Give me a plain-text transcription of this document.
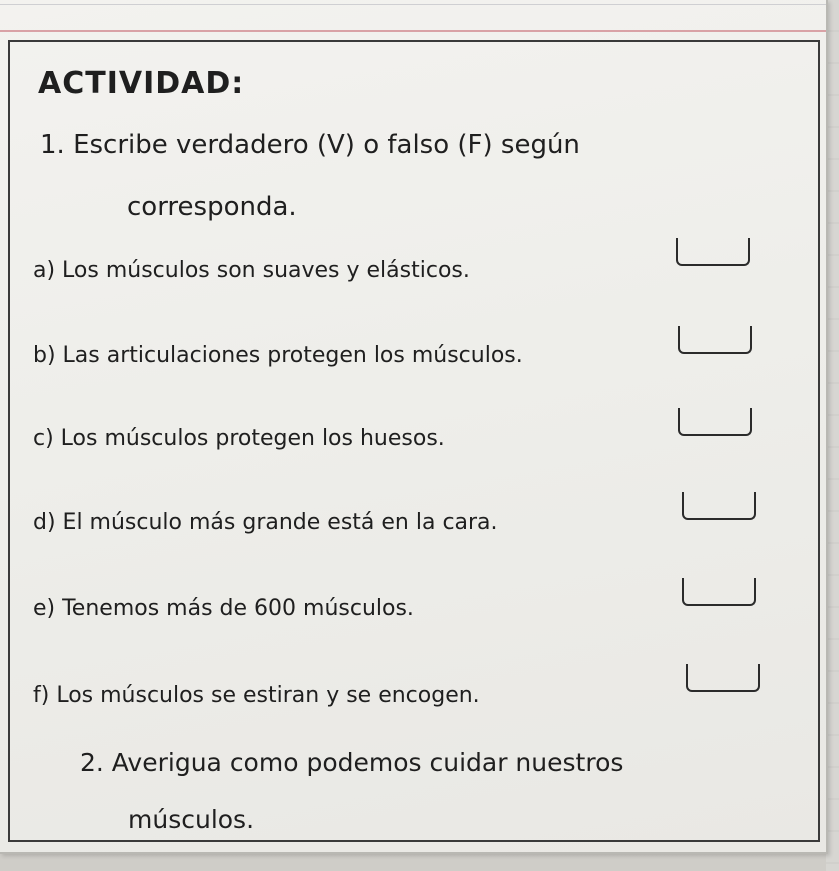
ACTIVIDAD:
1. Escribe verdadero (V) o falso (F) según
corresponda.
a) Los músculos son suaves y elásticos.
b) Las articulaciones protegen los músculos.
c) Los músculos protegen los huesos.
d) El músculo más grande está en la cara.
e) Tenemos más de 600 músculos.
f) Los músculos se estiran y se encogen.
2. Averigua como podemos cuidar nuestros
músculos.
